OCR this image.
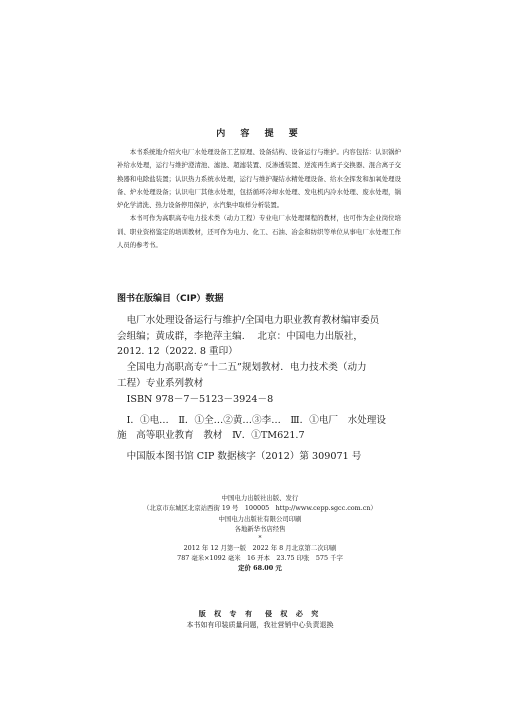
内 容 提 要

本书系统地介绍火电厂水处理设备工艺原理、设备结构、设备运行与维护。内容包括：认识锅炉补给水处理，运行与维护澄清池、滤池、超滤装置、反渗透装置、逆流再生离子交换器、混合离子交换器和电除盐装置；认识热力系统水处理，运行与维护凝结水精处理设备、给水全挥发和加氧处理设备、炉水处理设备；认识电厂其他水处理，包括循环冷却水处理、发电机内冷水处理、废水处理，锅炉化学清洗、热力设备停用保护，水汽集中取样分析装置。

本书可作为高职高专电力技术类（动力工程）专业电厂水处理课程的教材，也可作为企业岗位培训、职业资格鉴定的培训教材，还可作为电力、化工、石油、冶金和纺织等单位从事电厂水处理工作人员的参考书。

图书在版编目（CIP）数据

电厂水处理设备运行与维护/全国电力职业教育教材编审委员

会组编；黄成群，李艳萍主编. 　北京：中国电力出版社，

2012. 12（2022. 8 重印）

全国电力高职高专“十二五”规划教材．电力技术类（动力

工程）专业系列教材

ISBN 978－7－5123－3924－8

Ⅰ．①电…　Ⅱ．①全…②黄…③李…　Ⅲ．①电厂　水处理设

施　高等职业教育　教材　Ⅳ．①TM621.7

中国版本图书馆 CIP 数据核字（2012）第 309071 号

中国电力出版社出版、发行
（北京市东城区北京站西街 19 号　100005　http://www.cepp.sgcc.com.cn）
中国电力出版社有限公司印刷
各地新华书店经售
*
2012 年 12 月第一版　2022 年 8 月北京第二次印刷
787 毫米×1092 毫米　16 开本　23.75 印张　575 千字
定价 68.00 元
版 权 专 有　侵 权 必 究
本书如有印装质量问题，我社营销中心负责退换
